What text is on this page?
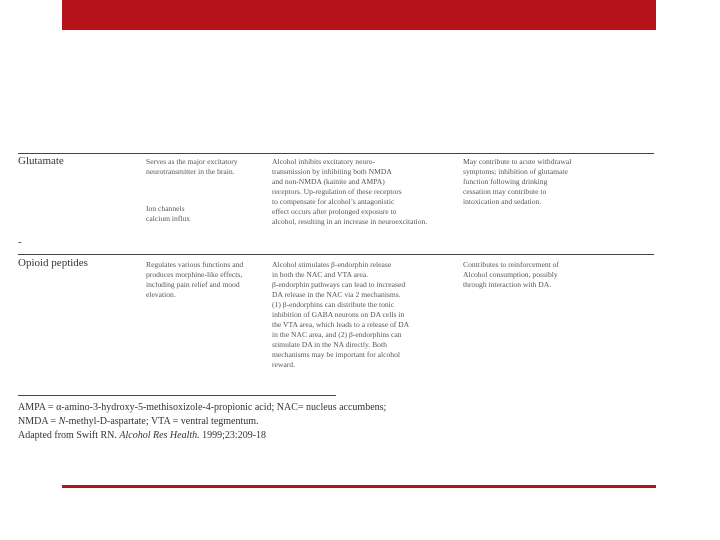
Glutamate	Serves as the major excitatory
neurotransmitter in the brain.
Ion channels
calcium influx
Alcohol inhibits excitatory neuro-
transmission by inhibiting both NMDA
and non-NMDA (kainite and AMPA)
receptors. Up-regulation of these receptors
to compensate for alcohol’s antagonistic
effect occurs after prolonged exposure to
alcohol, resulting in an increase in neuroexcitation.
May contribute to acute withdrawal
symptoms; inhibition of glutamate
function following drinking
cessation may contribute to
intoxication and sedation.
-
Opioid peptides	Regulates various functions and
produces morphine-like effects,
including pain relief and mood
elevation.
Alcohol stimulates β-endorphin release
in both the NAC and VTA area.
β-endorphin pathways can lead to increased
DA release in the NAC via 2 mechanisms.
(1) β-endorphins can distribute the tonic
inhibition of GABA neurons on DA cells in
the VTA area, which leads to a release of DA
in the NAC area, and (2) β-endorphins can
stimulate DA in the NA directly. Both
mechanisms may be important for alcohol
reward.
Contributes to reinforcement of
Alcohol consumption, possibly
through interaction with DA.
AMPA = α-amino-3-hydroxy-5-methisoxizole-4-propionic acid; NAC= nucleus accumbens;
NMDA = N-methyl-D-aspartate; VTA = ventral tegmentum.
Adapted from Swift RN. Alcohol Res Health. 1999;23:209-18
